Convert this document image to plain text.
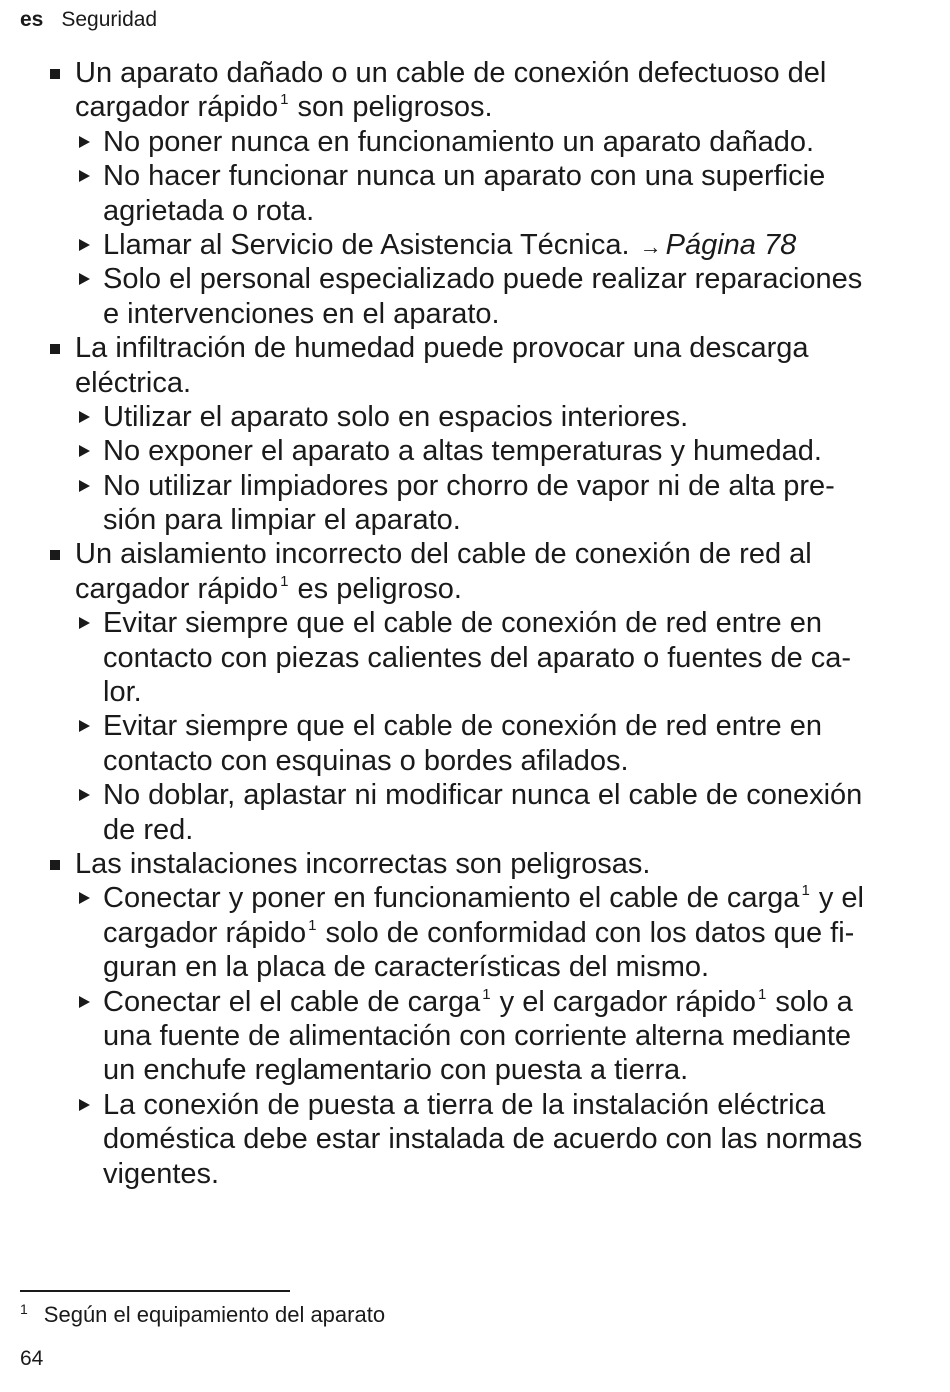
es Seguridad
Un aparato dañado o un cable de conexión defectuoso del
cargador rápido $^1$ son peligrosos.
No poner nunca en funcionamiento un aparato dañado.
No hacer funcionar nunca un aparato con una superficie
agrietada o rota.
Llamar al Servicio de Asistencia Técnica. → Página 78
Solo el personal especializado puede realizar reparaciones
e intervenciones en el aparato.
La infiltración de humedad puede provocar una descarga
eléctrica.
Utilizar el aparato solo en espacios interiores.
No exponer el aparato a altas temperaturas y humedad.
No utilizar limpiadores por chorro de vapor ni de alta pre-
sión para limpiar el aparato.
Un aislamiento incorrecto del cable de conexión de red al
cargador rápido $^1$ es peligroso.
Evitar siempre que el cable de conexión de red entre en
contacto con piezas calientes del aparato o fuentes de ca-
lor.
Evitar siempre que el cable de conexión de red entre en
contacto con esquinas o bordes afilados.
No doblar, aplastar ni modificar nunca el cable de conexión
de red.
Las instalaciones incorrectas son peligrosas.
Conectar y poner en funcionamiento el cable de carga $^1$ y el
cargador rápido $^1$ solo de conformidad con los datos que fi-
guran en la placa de características del mismo.
Conectar el el cable de carga $^1$ y el cargador rápido $^1$ solo a
una fuente de alimentación con corriente alterna mediante
un enchufe reglamentario con puesta a tierra.
La conexión de puesta a tierra de la instalación eléctrica
doméstica debe estar instalada de acuerdo con las normas
vigentes.
$^1$ Según el equipamiento del aparato
64
